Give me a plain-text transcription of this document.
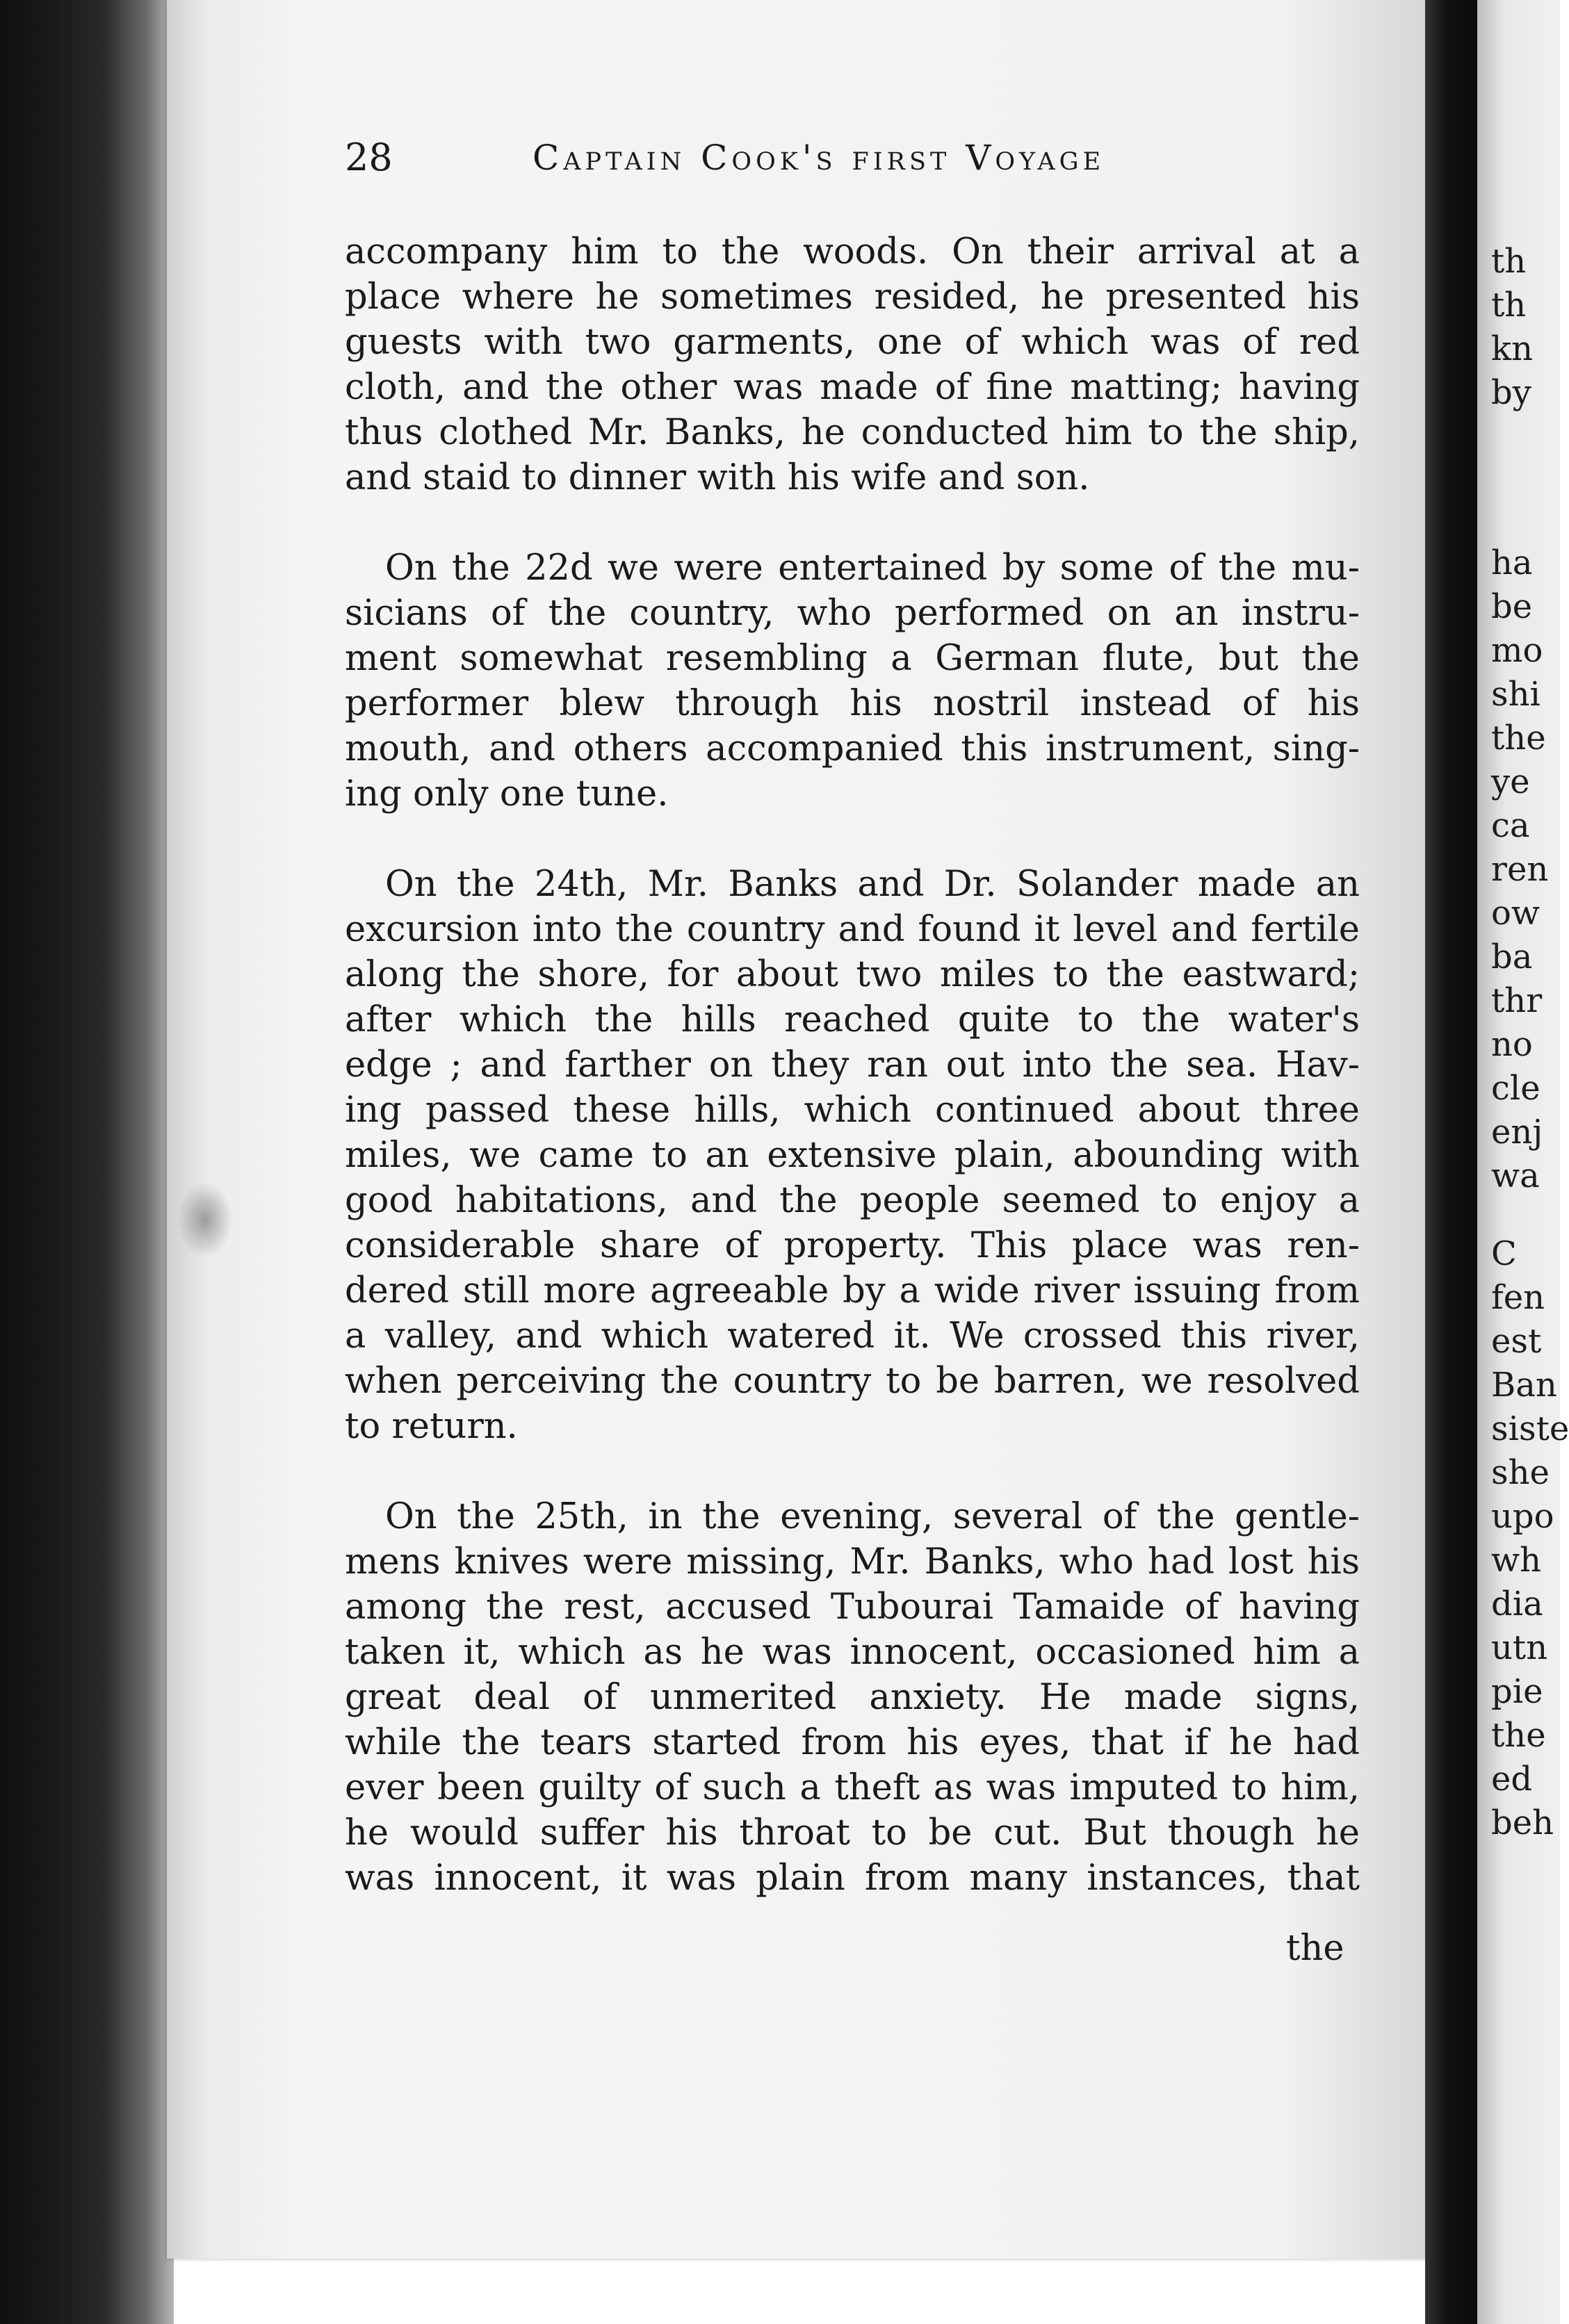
th
th
kn
by
ha
be
mo
shi
the
ye
ca
ren
ow
ba
thr
no
cle
enj
wa
C
fen
est
Ban
siste
she
upo
wh
dia
utn
pie
the
ed
beh
28	Captain Cook's first Voyage
accompany him to the woods. On their arrival at a
place where he sometimes resided, he presented his
guests with two garments, one of which was of red
cloth, and the other was made of fine matting; having
thus clothed Mr. Banks, he conducted him to the ship,
and staid to dinner with his wife and son.
On the 22d we were entertained by some of the mu-
sicians of the country, who performed on an instru-
ment somewhat resembling a German flute, but the
performer blew through his nostril instead of his
mouth, and others accompanied this instrument, sing-
ing only one tune.
On the 24th, Mr. Banks and Dr. Solander made an
excursion into the country and found it level and fertile
along the shore, for about two miles to the eastward;
after which the hills reached quite to the water's
edge ; and farther on they ran out into the sea. Hav-
ing passed these hills, which continued about three
miles, we came to an extensive plain, abounding with
good habitations, and the people seemed to enjoy a
considerable share of property. This place was ren-
dered still more agreeable by a wide river issuing from
a valley, and which watered it. We crossed this river,
when perceiving the country to be barren, we resolved
to return.
On the 25th, in the evening, several of the gentle-
mens knives were missing, Mr. Banks, who had lost his
among the rest, accused Tubourai Tamaide of having
taken it, which as he was innocent, occasioned him a
great deal of unmerited anxiety. He made signs,
while the tears started from his eyes, that if he had
ever been guilty of such a theft as was imputed to him,
he would suffer his throat to be cut. But though he
was innocent, it was plain from many instances, that
the
